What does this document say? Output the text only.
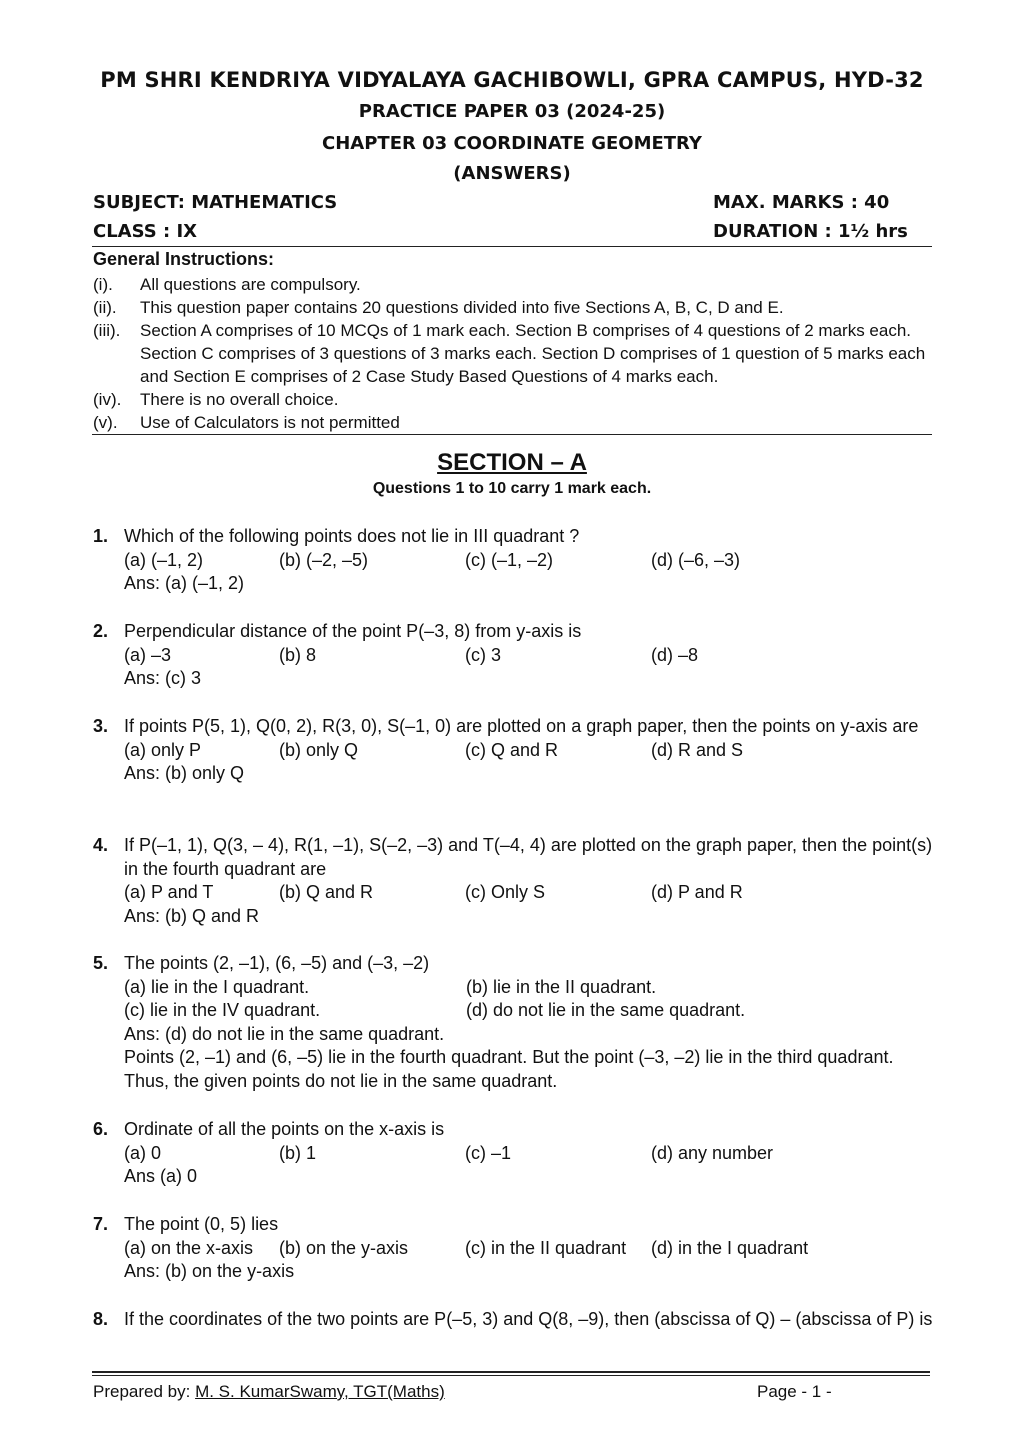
PM SHRI KENDRIYA VIDYALAYA GACHIBOWLI, GPRA CAMPUS, HYD-32
PRACTICE PAPER 03 (2024-25)
CHAPTER 03 COORDINATE GEOMETRY
(ANSWERS)
SUBJECT: MATHEMATICS	MAX. MARKS : 40
CLASS : IX	DURATION : 1½ hrs
General Instructions:
(i). All questions are compulsory.
(ii). This question paper contains 20 questions divided into five Sections A, B, C, D and E.
(iii). Section A comprises of 10 MCQs of 1 mark each. Section B comprises of 4 questions of 2 marks each. Section C comprises of 3 questions of 3 marks each. Section D comprises of 1 question of 5 marks each and Section E comprises of 2 Case Study Based Questions of 4 marks each.
(iv). There is no overall choice.
(v). Use of Calculators is not permitted
SECTION – A
Questions 1 to 10 carry 1 mark each.
1. Which of the following points does not lie in III quadrant ?
(a) (–1, 2)	(b) (–2, –5)	(c) (–1, –2)	(d) (–6, –3)
Ans: (a) (–1, 2)
2. Perpendicular distance of the point P(–3, 8) from y-axis is
(a) –3	(b) 8	(c) 3	(d) –8
Ans: (c) 3
3. If points P(5, 1), Q(0, 2), R(3, 0), S(–1, 0) are plotted on a graph paper, then the points on y-axis are
(a) only P	(b) only Q	(c) Q and R	(d) R and S
Ans: (b) only Q
4. If P(–1, 1), Q(3, – 4), R(1, –1), S(–2, –3) and T(–4, 4) are plotted on the graph paper, then the point(s) in the fourth quadrant are
(a) P and T	(b) Q and R	(c) Only S	(d) P and R
Ans: (b) Q and R
5. The points (2, –1), (6, –5) and (–3, –2)
(a) lie in the I quadrant.	(b) lie in the II quadrant.
(c) lie in the IV quadrant.	(d) do not lie in the same quadrant.
Ans: (d) do not lie in the same quadrant.
Points (2, –1) and (6, –5) lie in the fourth quadrant. But the point (–3, –2) lie in the third quadrant. Thus, the given points do not lie in the same quadrant.
6. Ordinate of all the points on the x-axis is
(a) 0	(b) 1	(c) –1	(d) any number
Ans (a) 0
7. The point (0, 5) lies
(a) on the x-axis (b) on the y-axis	(c) in the II quadrant (d) in the I quadrant
Ans: (b) on the y-axis
8. If the coordinates of the two points are P(–5, 3) and Q(8, –9), then (abscissa of Q) – (abscissa of P) is
Prepared by: M. S. KumarSwamy, TGT(Maths)	Page - 1 -
